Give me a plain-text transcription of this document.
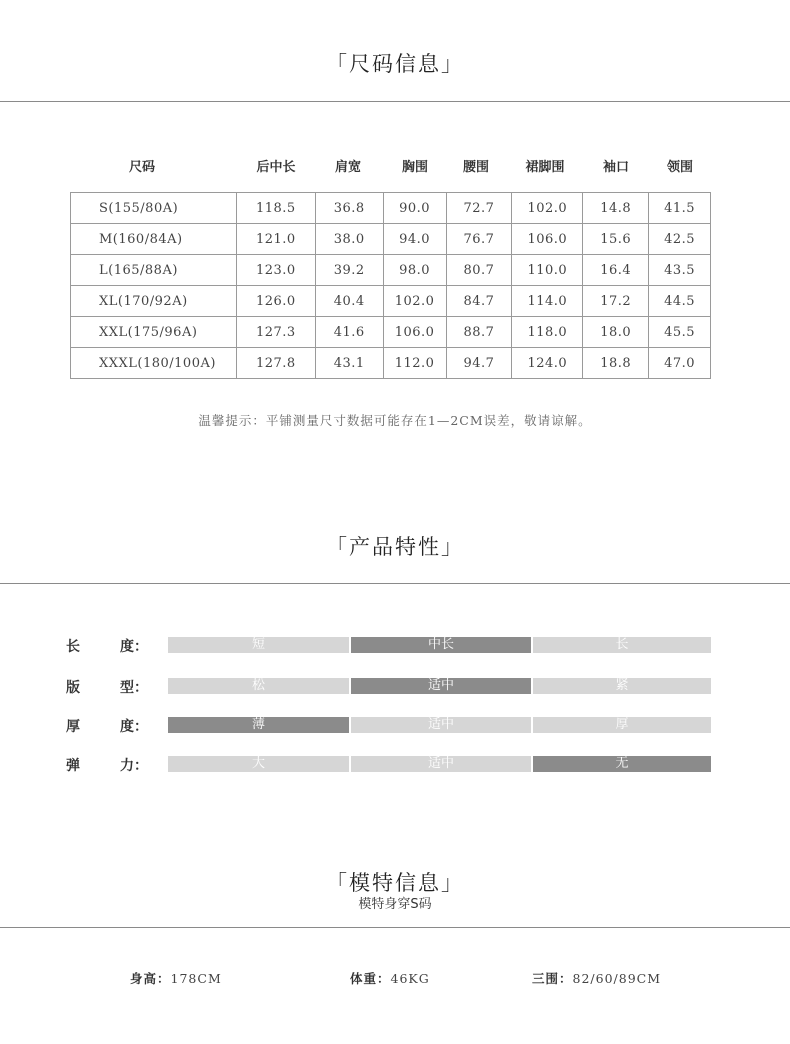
「尺码信息」
尺码	后中长	肩宽	胸围	腰围	裙脚围	袖口	领围
S(155/80A)	118.5	36.8	90.0	72.7	102.0	14.8	41.5
M(160/84A)	121.0	38.0	94.0	76.7	106.0	15.6	42.5
L(165/88A)	123.0	39.2	98.0	80.7	110.0	16.4	43.5
XL(170/92A)	126.0	40.4	102.0	84.7	114.0	17.2	44.5
XXL(175/96A)	127.3	41.6	106.0	88.7	118.0	18.0	45.5
XXXL(180/100A)	127.8	43.1	112.0	94.7	124.0	18.8	47.0
温馨提示：平铺测量尺寸数据可能存在1—2CM误差，敬请谅解。
「产品特性」
长	度：	短	中长	长
版	型：	松	适中	紧
厚	度：	薄	适中	厚
弹	力：	大	适中	无
「模特信息」
模特身穿S码
身高：178CM	体重：46KG	三围：82/60/89CM
